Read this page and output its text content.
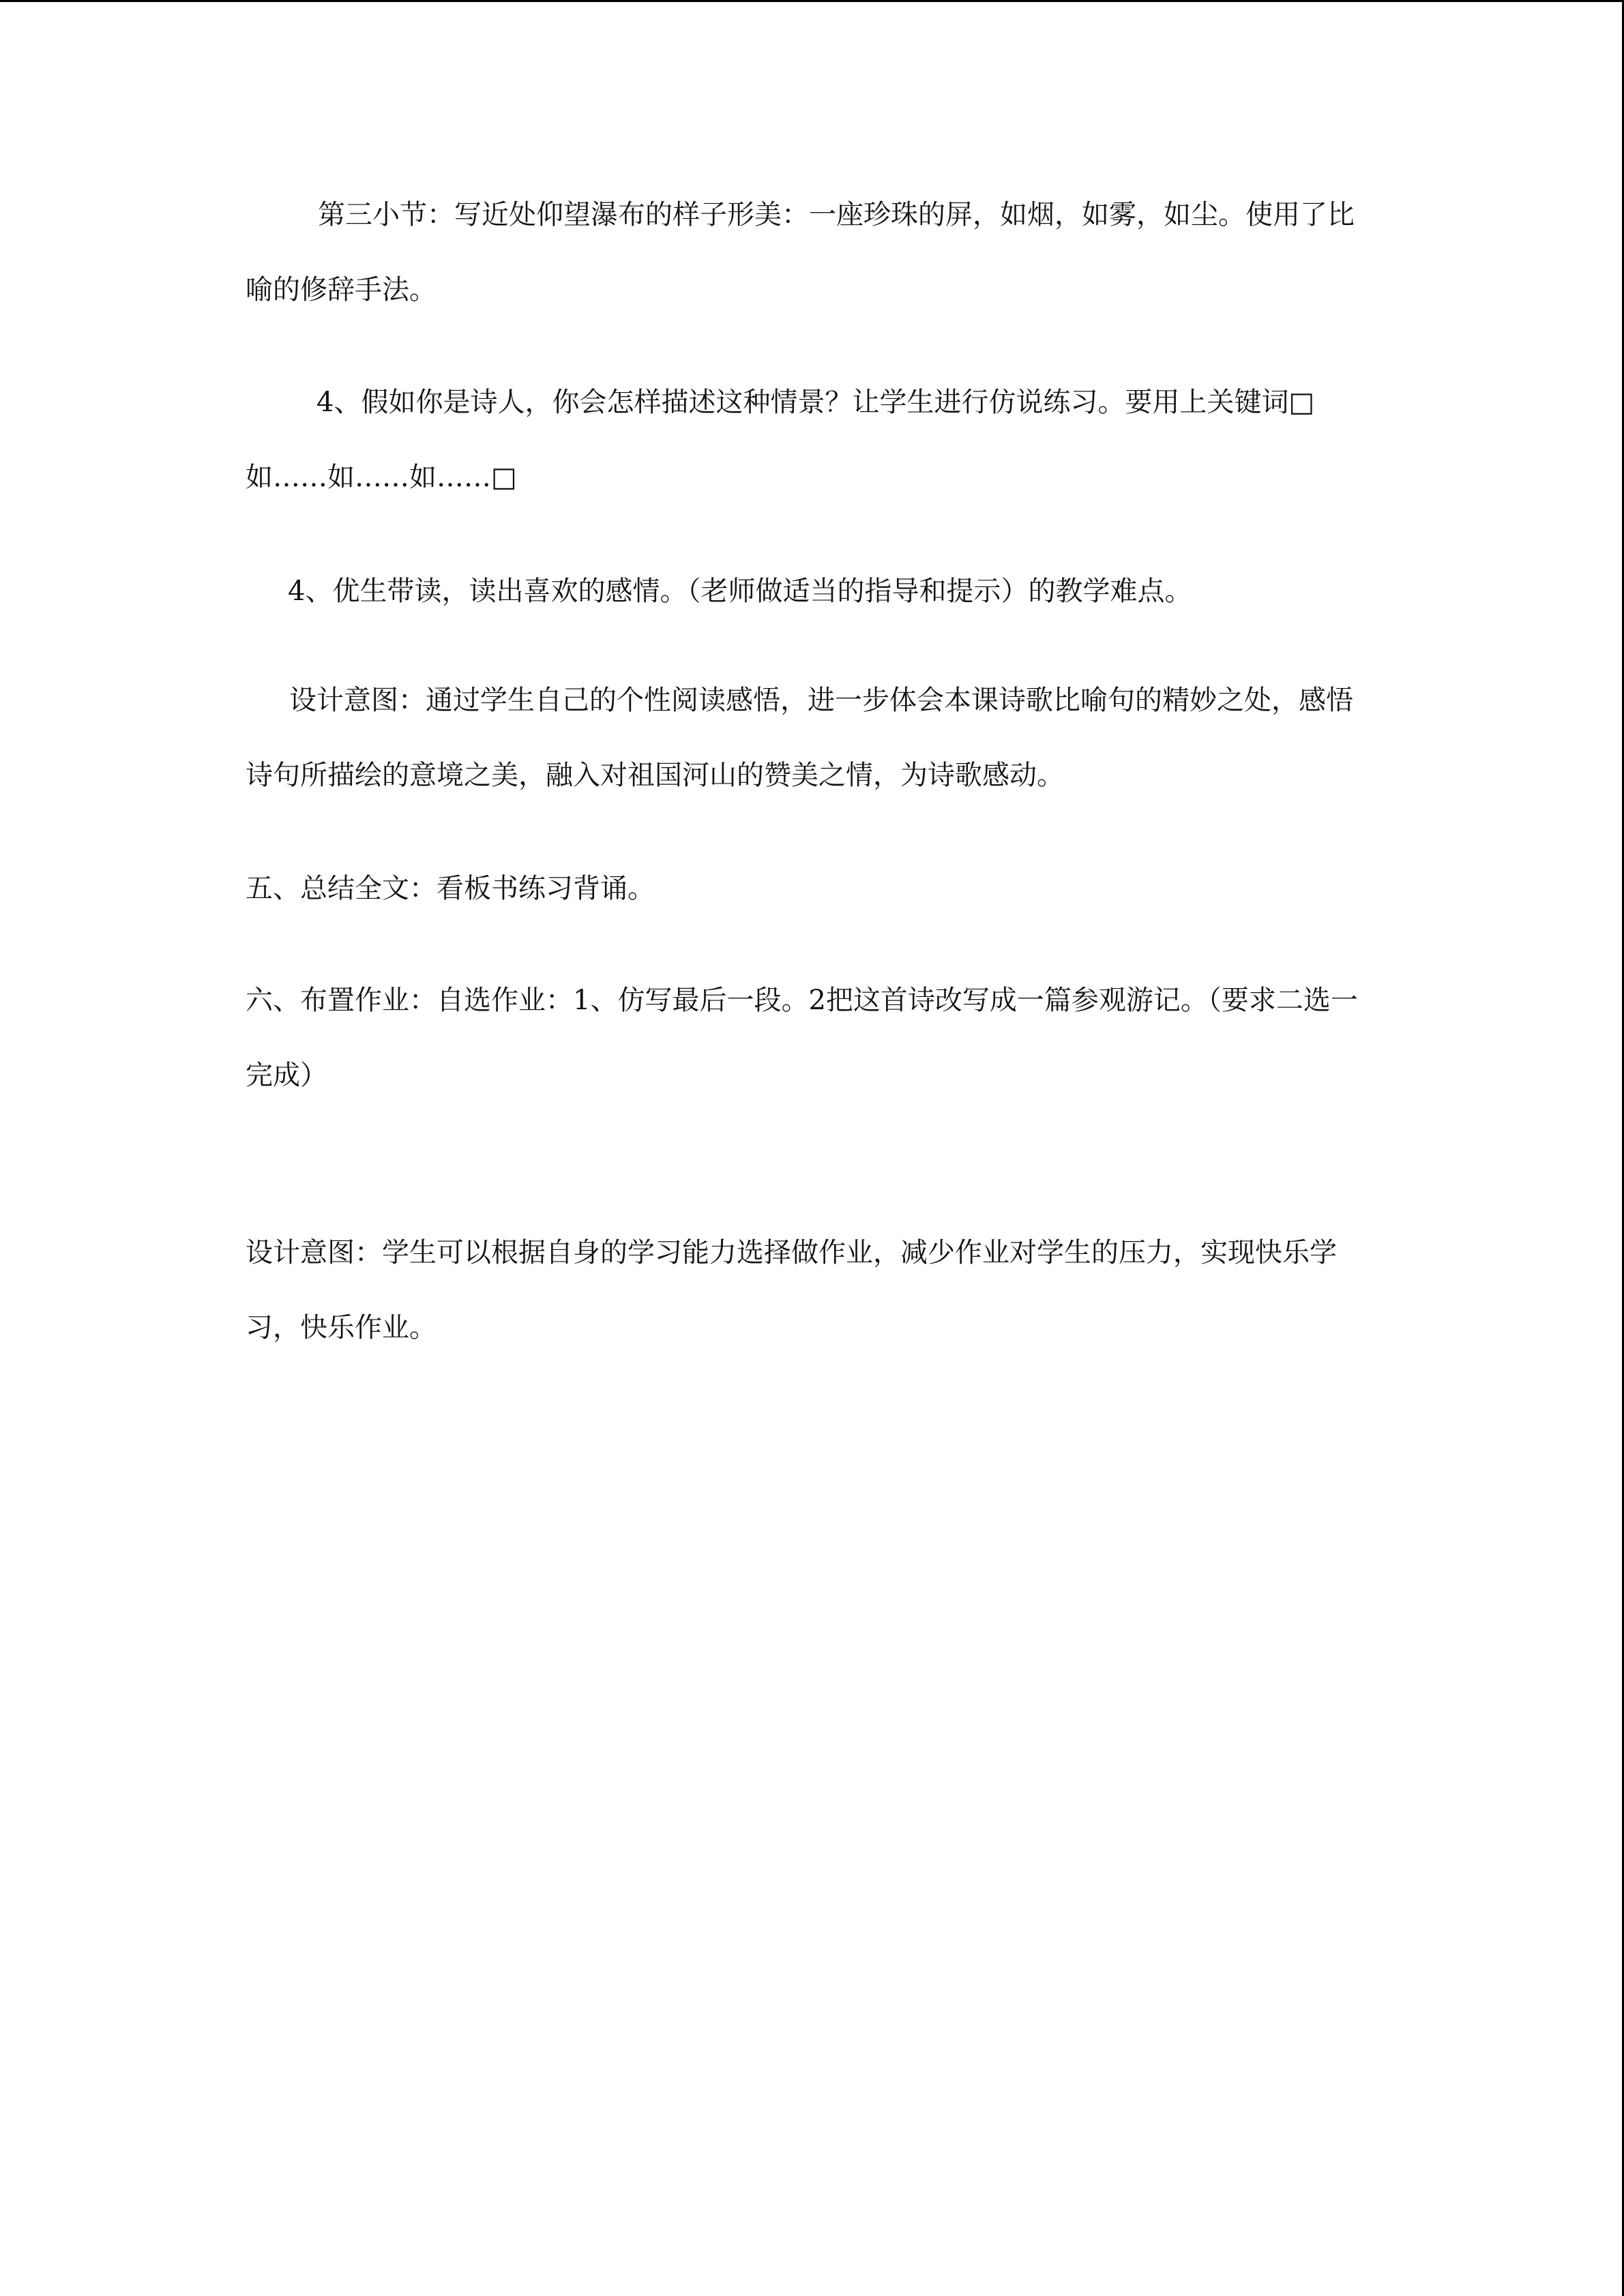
第三小节：写近处仰望瀑布的样子形美：一座珍珠的屏，如烟，如雾，如尘。使用了比喻的修辞手法。

4、假如你是诗人，你会怎样描述这种情景？让学生进行仿说练习。要用上关键词□如……如……如……□

4、优生带读，读出喜欢的感情。（老师做适当的指导和提示）的教学难点。

设计意图：通过学生自己的个性阅读感悟，进一步体会本课诗歌比喻句的精妙之处，感悟诗句所描绘的意境之美，融入对祖国河山的赞美之情，为诗歌感动。

五、总结全文：看板书练习背诵。

六、布置作业：自选作业：1、仿写最后一段。2把这首诗改写成一篇参观游记。（要求二选一完成）

设计意图：学生可以根据自身的学习能力选择做作业，减少作业对学生的压力，实现快乐学习，快乐作业。
